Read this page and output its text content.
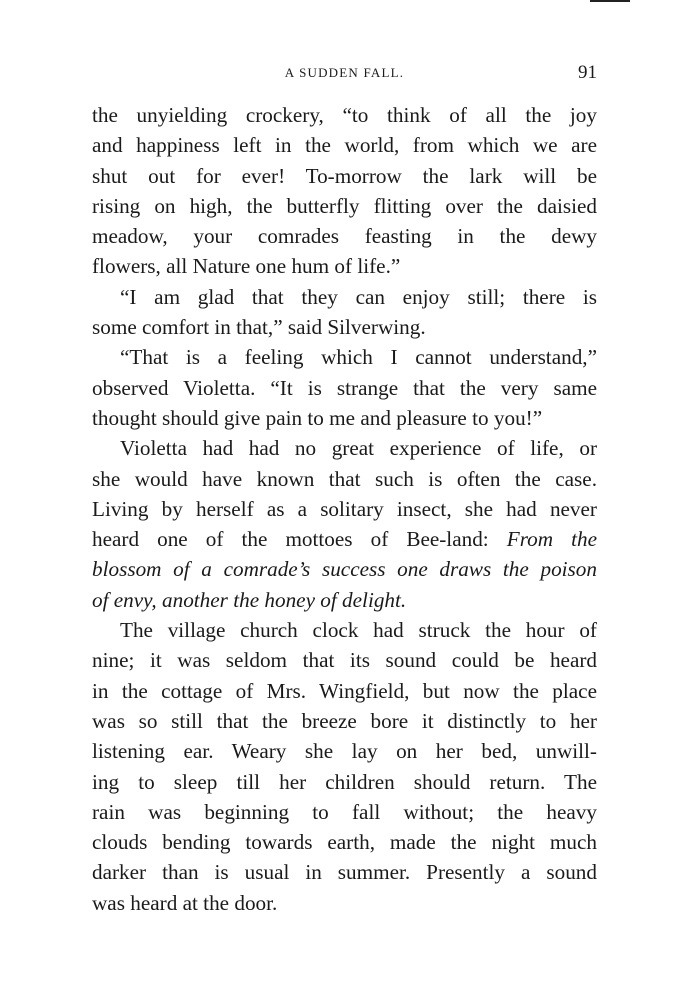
A SUDDEN FALL.	91
the unyielding crockery, “to think of all the joy
and happiness left in the world, from which we are
shut out for ever! To-morrow the lark will be
rising on high, the butterfly flitting over the daisied
meadow, your comrades feasting in the dewy
flowers, all Nature one hum of life.”
“I am glad that they can enjoy still; there is
some comfort in that,” said Silverwing.
“That is a feeling which I cannot understand,”
observed Violetta. “It is strange that the very same
thought should give pain to me and pleasure to you!”
Violetta had had no great experience of life, or
she would have known that such is often the case.
Living by herself as a solitary insect, she had never
heard one of the mottoes of Bee-land: From the
blossom of a comrade’s success one draws the poison
of envy, another the honey of delight.
The village church clock had struck the hour of
nine; it was seldom that its sound could be heard
in the cottage of Mrs. Wingfield, but now the place
was so still that the breeze bore it distinctly to her
listening ear. Weary she lay on her bed, unwill-
ing to sleep till her children should return. The
rain was beginning to fall without; the heavy
clouds bending towards earth, made the night much
darker than is usual in summer. Presently a sound
was heard at the door.
